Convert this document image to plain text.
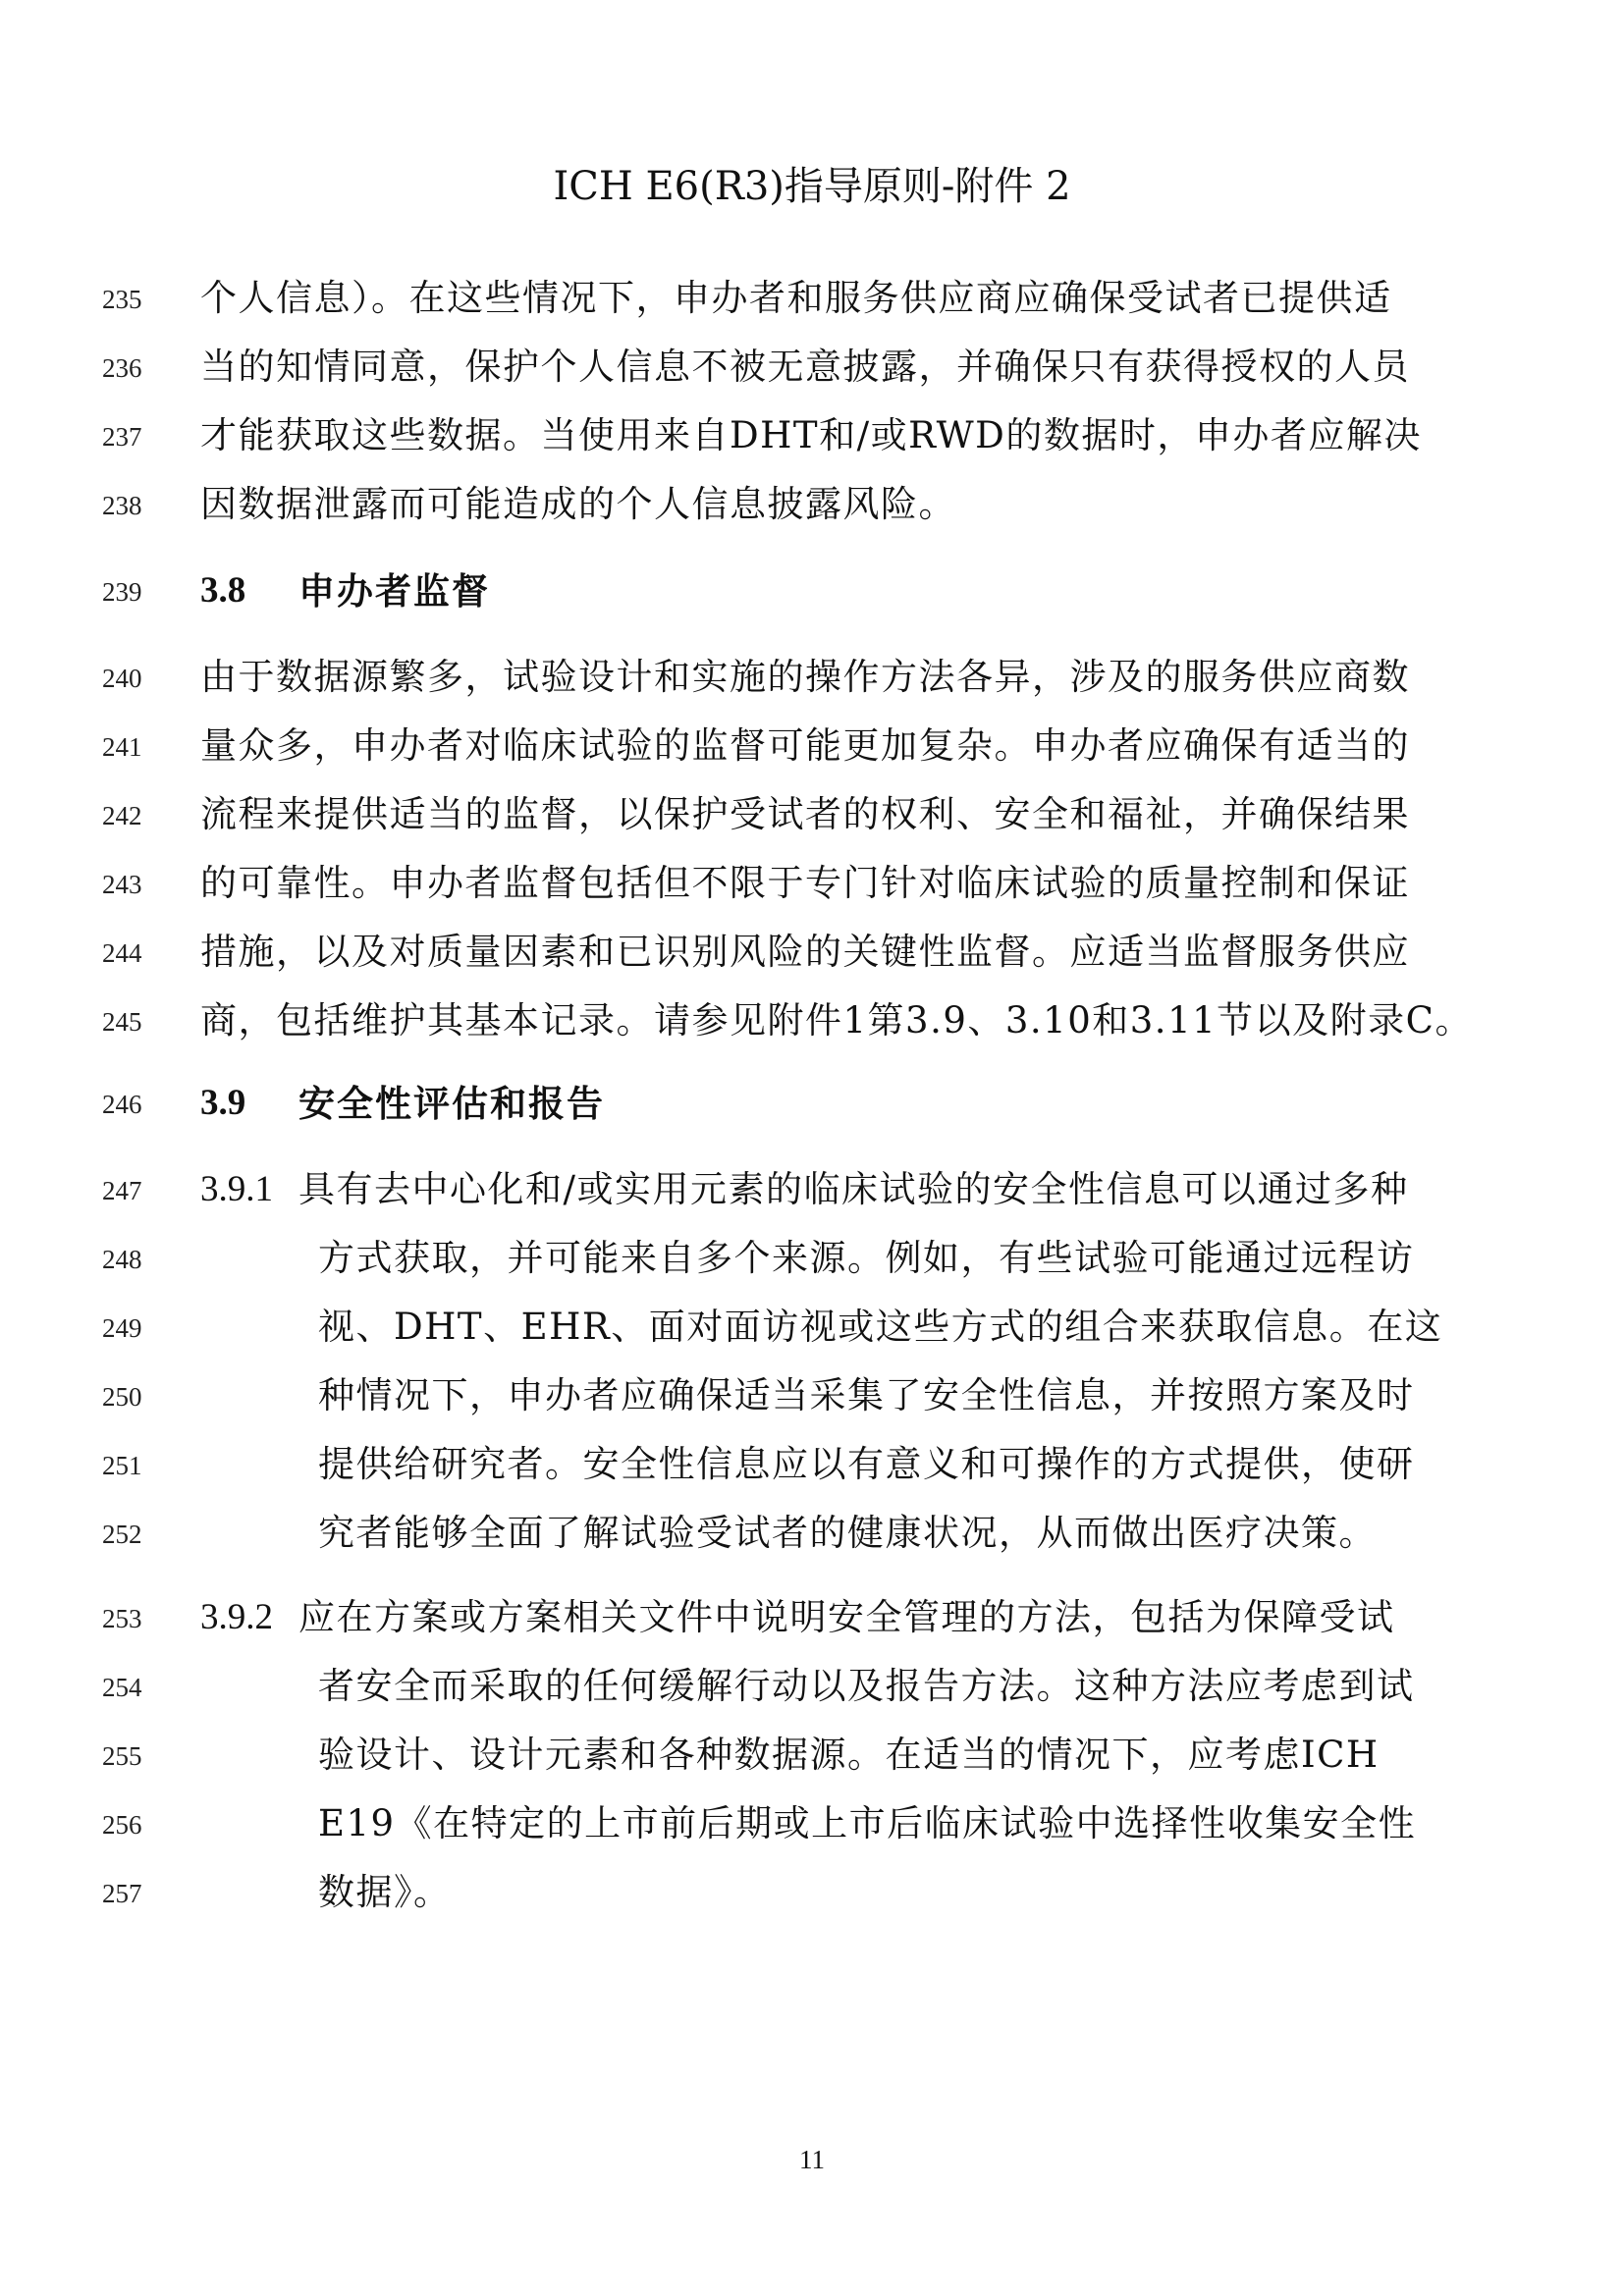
ICH E6(R3)指导原则-附件 2
235 个人信息）。在这些情况下，申办者和服务供应商应确保受试者已提供适
236 当的知情同意，保护个人信息不被无意披露，并确保只有获得授权的人员
237 才能获取这些数据。当使用来自DHT和/或RWD的数据时，申办者应解决
238 因数据泄露而可能造成的个人信息披露风险。
239 3.8 申办者监督
240 由于数据源繁多，试验设计和实施的操作方法各异，涉及的服务供应商数
241 量众多，申办者对临床试验的监督可能更加复杂。申办者应确保有适当的
242 流程来提供适当的监督，以保护受试者的权利、安全和福祉，并确保结果
243 的可靠性。申办者监督包括但不限于专门针对临床试验的质量控制和保证
244 措施，以及对质量因素和已识别风险的关键性监督。应适当监督服务供应
245 商，包括维护其基本记录。请参见附件1第3.9、3.10和3.11节以及附录C。
246 3.9 安全性评估和报告
247 3.9.1 具有去中心化和/或实用元素的临床试验的安全性信息可以通过多种
248	方式获取，并可能来自多个来源。例如，有些试验可能通过远程访
249	视、DHT、EHR、面对面访视或这些方式的组合来获取信息。在这
250	种情况下，申办者应确保适当采集了安全性信息，并按照方案及时
251	提供给研究者。安全性信息应以有意义和可操作的方式提供，使研
252	究者能够全面了解试验受试者的健康状况，从而做出医疗决策。
253 3.9.2 应在方案或方案相关文件中说明安全管理的方法，包括为保障受试
254	者安全而采取的任何缓解行动以及报告方法。这种方法应考虑到试
255	验设计、设计元素和各种数据源。在适当的情况下，应考虑ICH
256	E19《在特定的上市前后期或上市后临床试验中选择性收集安全性
257	数据》。
11
